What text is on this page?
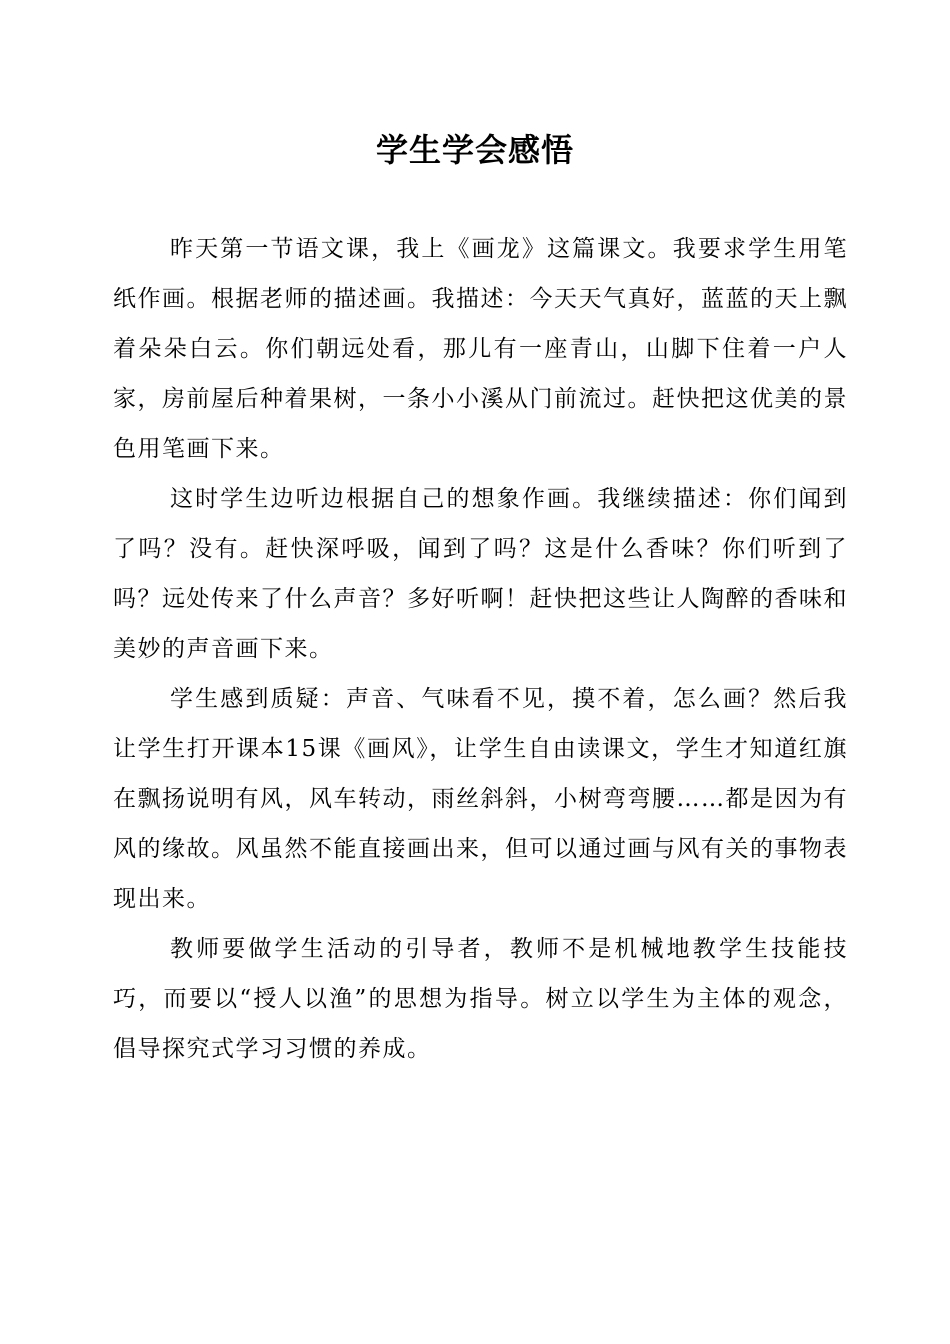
学生学会感悟

昨天第一节语文课，我上《画龙》这篇课文。我要求学生用笔纸作画。根据老师的描述画。我描述：今天天气真好，蓝蓝的天上飘着朵朵白云。你们朝远处看，那儿有一座青山，山脚下住着一户人家，房前屋后种着果树，一条小小溪从门前流过。赶快把这优美的景色用笔画下来。

这时学生边听边根据自己的想象作画。我继续描述：你们闻到了吗？没有。赶快深呼吸，闻到了吗？这是什么香味？你们听到了吗？远处传来了什么声音？多好听啊！赶快把这些让人陶醉的香味和美妙的声音画下来。

学生感到质疑：声音、气味看不见，摸不着，怎么画？然后我让学生打开课本15课《画风》，让学生自由读课文，学生才知道红旗在飘扬说明有风，风车转动，雨丝斜斜，小树弯弯腰……都是因为有风的缘故。风虽然不能直接画出来，但可以通过画与风有关的事物表现出来。

教师要做学生活动的引导者，教师不是机械地教学生技能技巧，而要以“授人以渔”的思想为指导。树立以学生为主体的观念，倡导探究式学习习惯的养成。
